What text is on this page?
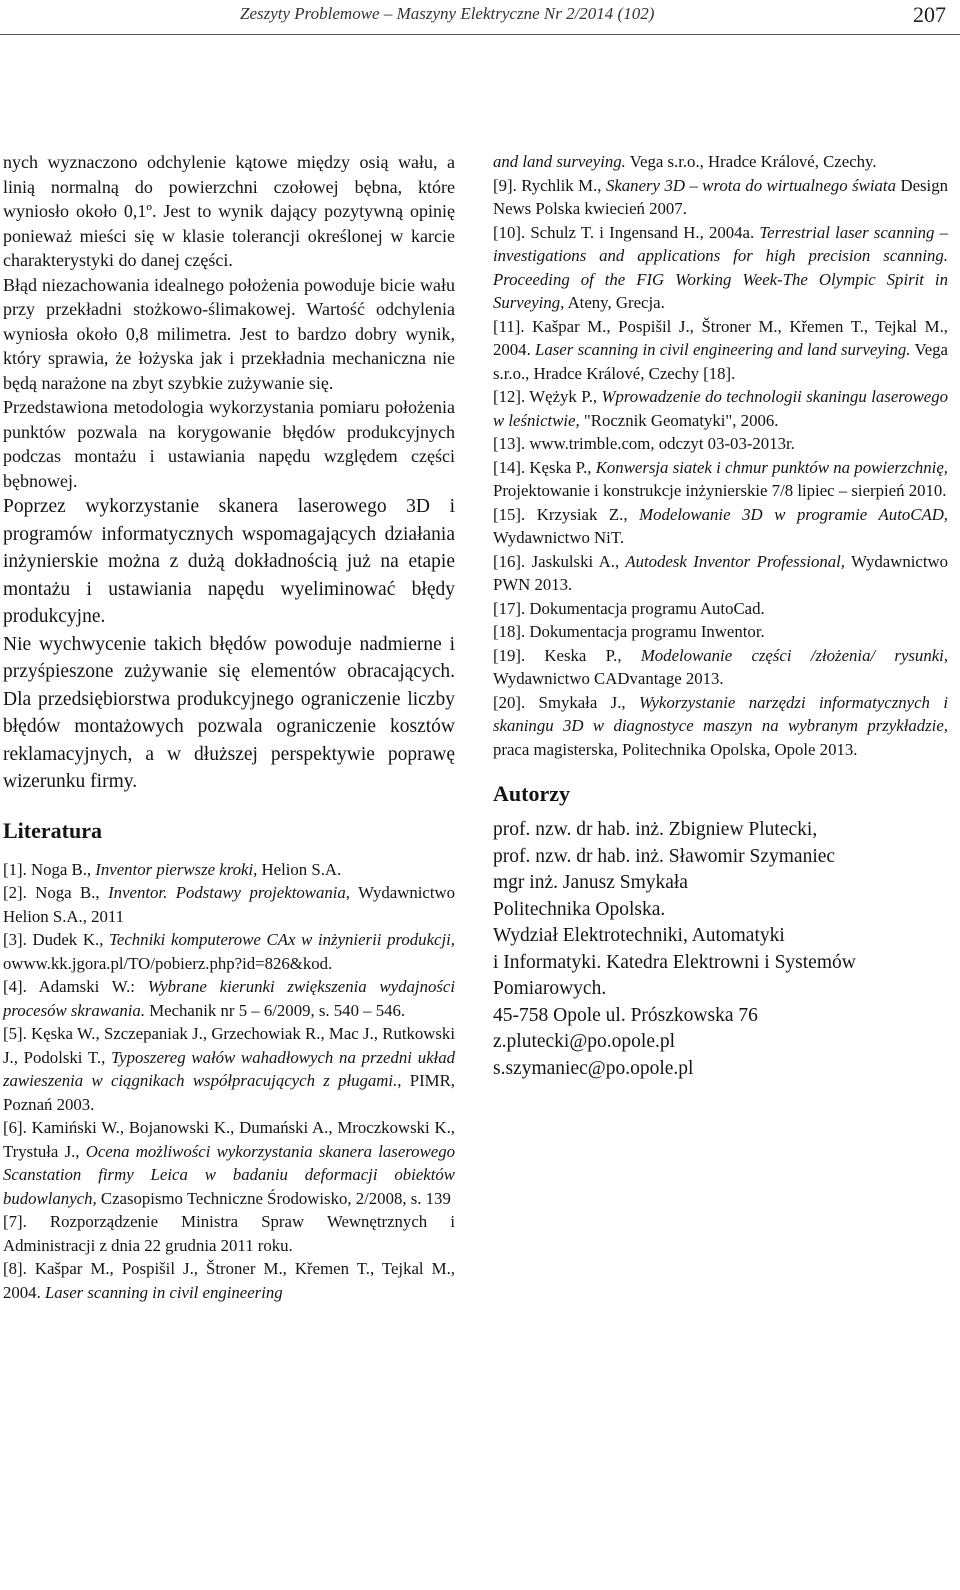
Zeszyty Problemowe – Maszyny Elektryczne Nr 2/2014 (102)	207

nych wyznaczono odchylenie kątowe między osią wału, a linią normalną do powierzchni czołowej bębna, które wyniosło około 0,1º. Jest to wynik dający pozytywną opinię ponieważ mieści się w klasie tolerancji określonej w karcie charakterystyki do danej części.

Błąd niezachowania idealnego położenia powoduje bicie wału przy przekładni stożkowo-ślimakowej. Wartość odchylenia wyniosła około 0,8 milimetra. Jest to bardzo dobry wynik, który sprawia, że łożyska jak i przekładnia mechaniczna nie będą narażone na zbyt szybkie zużywanie się.

Przedstawiona metodologia wykorzystania pomiaru położenia punktów pozwala na korygowanie błędów produkcyjnych podczas montażu i ustawiania napędu względem części bębnowej.

Poprzez wykorzystanie skanera laserowego 3D i programów informatycznych wspomagających działania inżynierskie można z dużą dokładnością już na etapie montażu i ustawiania napędu wyeliminować błędy produkcyjne.

Nie wychwycenie takich błędów powoduje nadmierne i przyśpieszone zużywanie się elementów obracających. Dla przedsiębiorstwa produkcyjnego ograniczenie liczby błędów montażowych pozwala ograniczenie kosztów reklamacyjnych, a w dłuższej perspektywie poprawę wizerunku firmy.

Literatura

[1]. Noga B., Inventor pierwsze kroki, Helion S.A.

[2]. Noga B., Inventor. Podstawy projektowania, Wydawnictwo Helion S.A., 2011

[3]. Dudek K., Techniki komputerowe CAx w inżynierii produkcji, owww.kk.jgora.pl/TO/pobierz.php?id=826&kod.

[4]. Adamski W.: Wybrane kierunki zwiększenia wydajności procesów skrawania. Mechanik nr 5 – 6/2009, s. 540 – 546.

[5]. Kęska W., Szczepaniak J., Grzechowiak R., Mac J., Rutkowski J., Podolski T., Typoszereg wałów wahadłowych na przedni układ zawieszenia w ciągnikach współpracujących z pługami., PIMR, Poznań 2003.

[6]. Kamiński W., Bojanowski K., Dumański A., Mroczkowski K., Trystuła J., Ocena możliwości wykorzystania skanera laserowego Scanstation firmy Leica w badaniu deformacji obiektów budowlanych, Czasopismo Techniczne Środowisko, 2/2008, s. 139

[7]. Rozporządzenie Ministra Spraw Wewnętrznych i Administracji z dnia 22 grudnia 2011 roku.

[8]. Kašpar M., Pospišil J., Štroner M., Křemen T., Tejkal M., 2004. Laser scanning in civil engineering

and land surveying. Vega s.r.o., Hradce Králové, Czechy.

[9]. Rychlik M., Skanery 3D – wrota do wirtualnego świata Design News Polska kwiecień 2007.

[10]. Schulz T. i Ingensand H., 2004a. Terrestrial laser scanning – investigations and applications for high precision scanning. Proceeding of the FIG Working Week-The Olympic Spirit in Surveying, Ateny, Grecja.

[11]. Kašpar M., Pospišil J., Štroner M., Křemen T., Tejkal M., 2004. Laser scanning in civil engineering and land surveying. Vega s.r.o., Hradce Králové, Czechy [18].

[12]. Wężyk P., Wprowadzenie do technologii skaningu laserowego w leśnictwie, "Rocznik Geomatyki", 2006.

[13]. www.trimble.com, odczyt 03-03-2013r.

[14]. Kęska P., Konwersja siatek i chmur punktów na powierzchnię, Projektowanie i konstrukcje inżynierskie 7/8 lipiec – sierpień 2010.

[15]. Krzysiak Z., Modelowanie 3D w programie AutoCAD, Wydawnictwo NiT.

[16]. Jaskulski A., Autodesk Inventor Professional, Wydawnictwo PWN 2013.

[17]. Dokumentacja programu AutoCad.

[18]. Dokumentacja programu Inwentor.

[19]. Keska P., Modelowanie części /złożenia/ rysunki, Wydawnictwo CADvantage 2013.

[20]. Smykała J., Wykorzystanie narzędzi informatycznych i skaningu 3D w diagnostyce maszyn na wybranym przykładzie, praca magisterska, Politechnika Opolska, Opole 2013.

Autorzy

prof. nzw. dr hab. inż. Zbigniew Plutecki,

prof. nzw. dr hab. inż. Sławomir Szymaniec

mgr inż. Janusz Smykała

Politechnika Opolska.

Wydział Elektrotechniki, Automatyki

i Informatyki. Katedra Elektrowni i Systemów Pomiarowych.

45-758 Opole ul. Prószkowska 76

z.plutecki@po.opole.pl

s.szymaniec@po.opole.pl
